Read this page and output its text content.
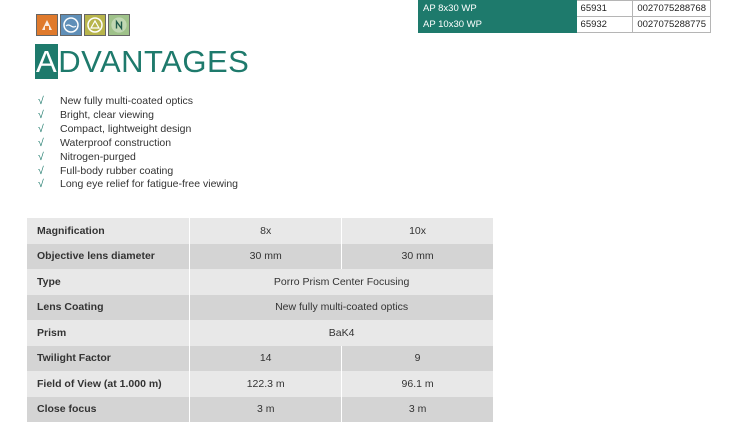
AP 8x30 WP	65931	0027075288768
AP 10x30 WP	65932	0027075288775
ADVANTAGES
√	New fully multi-coated optics
√	Bright, clear viewing
√	Compact, lightweight design
√	Waterproof construction
√	Nitrogen-purged
√	Full-body rubber coating
√	Long eye relief for fatigue-free viewing
Magnification	8x	10x
Objective lens diameter	30 mm	30 mm
Type	Porro Prism Center Focusing	
Lens Coating	New fully multi-coated optics	
Prism	BaK4	
Twilight Factor	14	9
Field of View (at 1.000 m)	122.3 m	96.1 m
Close focus	3 m	3 m
